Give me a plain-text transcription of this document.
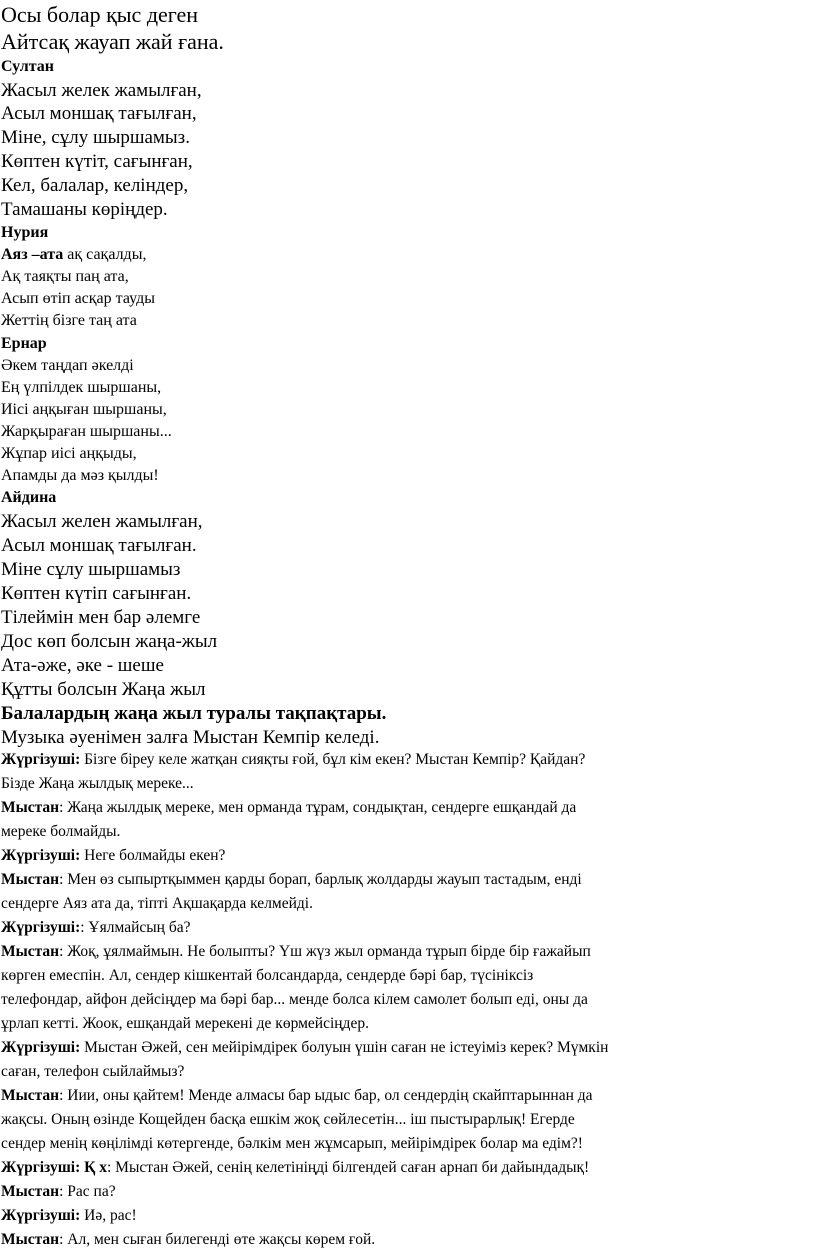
Осы болар қыс деген
Айтсақ жауап жай ғана.
Султан
Жасыл желек жамылған,
Асыл моншақ тағылған,
Міне, сұлу шыршамыз.
Көптен күтіт, сағынған,
Кел, балалар, келіндер,
Тамашаны көріңдер.
Нурия
Аяз –ата ақ сақалды,
Ақ таяқты паң ата,
Асып өтіп асқар тауды
Жеттің бізге таң ата
Ернар
Әкем таңдап әкелді
Ең үлпілдек шыршаны,
Иісі аңқыған шыршаны,
Жарқыраған шыршаны...
Жұпар иісі аңқыды,
Апамды да мәз қылды!
Айдина
Жасыл желен жамылған,
Асыл моншақ тағылған.
Міне сұлу шыршамыз
Көптен күтіп сағынған.
Тілеймін мен бар әлемге
Дос көп болсын жаңа-жыл
Ата-әже, әке - шеше
Құтты болсын Жаңа жыл
Балалардың жаңа жыл туралы тақпақтары.
Музыка әуенімен залға Мыстан Кемпір келеді.
Жүргізуші: Бізге біреу келе жатқан сияқты ғой, бұл кім екен? Мыстан Кемпір? Қайдан?
Бізде Жаңа жылдық мереке...
Мыстан: Жаңа жылдық мереке, мен орманда тұрам, сондықтан, сендерге ешқандай да
мереке болмайды.
Жүргізуші: Неге болмайды екен?
Мыстан: Мен өз сыпыртқыммен қарды борап, барлық жолдарды жауып тастадым, енді
сендерге Аяз ата да, тіпті Ақшақарда келмейді.
Жүргізуші:: Ұялмайсың ба?
Мыстан: Жоқ, ұялмаймын. Не болыпты? Үш жүз жыл орманда тұрып бірде бір ғажайып
көрген емеспін. Ал, сендер кішкентай болсандарда, сендерде бәрі бар, түсініксіз
телефондар, айфон дейсіңдер ма бәрі бар... менде болса кілем самолет болып еді, оны да
ұрлап кетті. Жоок, ешқандай мерекені де көрмейсіңдер.
Жүргізуші: Мыстан Әжей, сен мейірімдірек болуын үшін саған не істеуіміз керек? Мүмкін
саған, телефон сыйлаймыз?
Мыстан: Иии, оны қайтем! Менде алмасы бар ыдыс бар, ол сендердің скайптарыннан да
жақсы. Оның өзінде Кощейден басқа ешкім жоқ сөйлесетін... іш пыстырарлық! Егерде
сендер менің көңілімді көтергенде, бәлкім мен жұмсарып, мейірімдірек болар ма едім?!
Жүргізуші: Қ х: Мыстан Әжей, сенің келетініңді білгендей саған арнап би дайындадық!
Мыстан: Рас па?
Жүргізуші: Иә, рас!
Мыстан: Ал, мен сыған билегенді өте жақсы көрем ғой.
